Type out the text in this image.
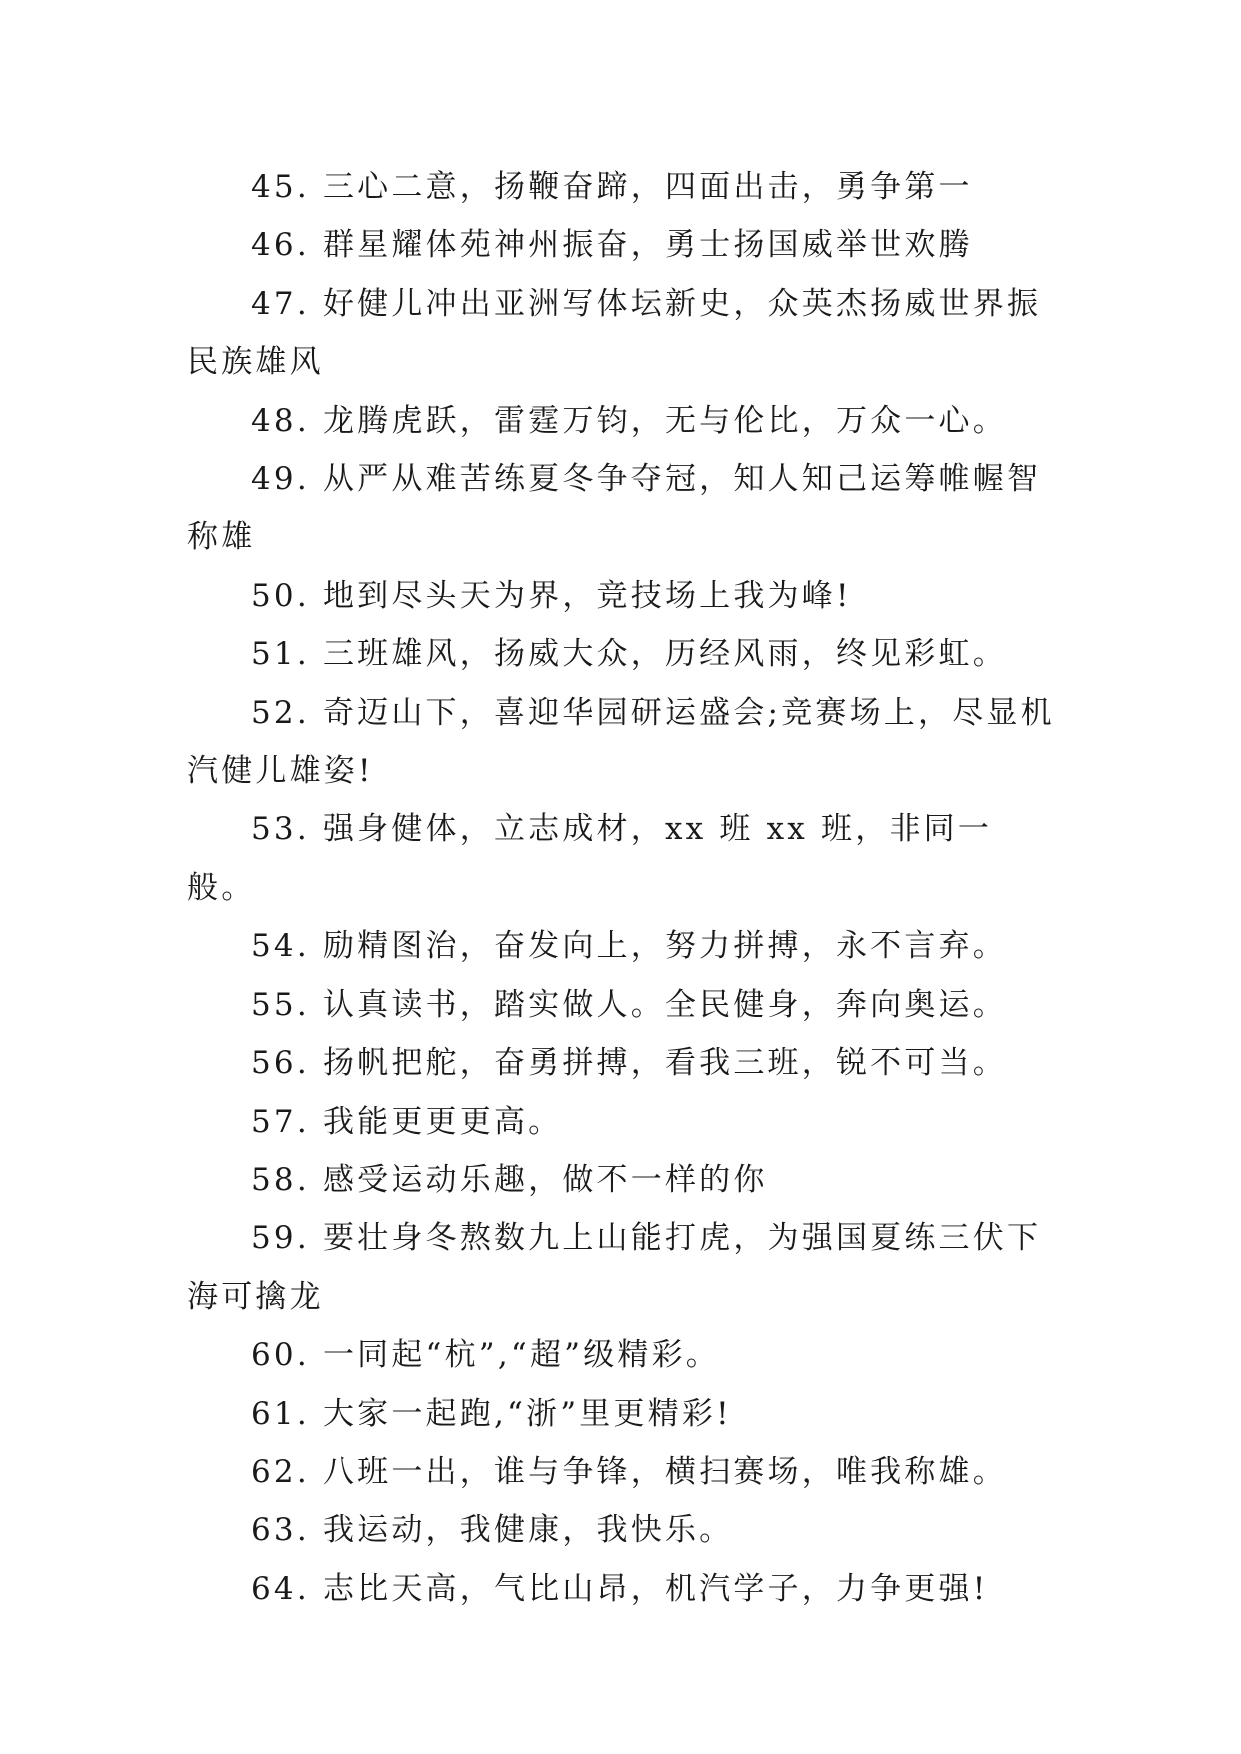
45. 三心二意，扬鞭奋蹄，四面出击，勇争第一

46. 群星耀体苑神州振奋，勇士扬国威举世欢腾

47. 好健儿冲出亚洲写体坛新史，众英杰扬威世界振民族雄风

48. 龙腾虎跃，雷霆万钧，无与伦比，万众一心。

49. 从严从难苦练夏冬争夺冠，知人知己运筹帷幄智称雄

50. 地到尽头天为界，竞技场上我为峰!

51. 三班雄风，扬威大众，历经风雨，终见彩虹。

52. 奇迈山下，喜迎华园研运盛会;竞赛场上，尽显机汽健儿雄姿!

53. 强身健体，立志成材，xx 班 xx 班，非同一般。

54. 励精图治，奋发向上，努力拼搏，永不言弃。

55. 认真读书，踏实做人。全民健身，奔向奥运。

56. 扬帆把舵，奋勇拼搏，看我三班，锐不可当。

57. 我能更更更高。

58. 感受运动乐趣，做不一样的你

59. 要壮身冬熬数九上山能打虎，为强国夏练三伏下海可擒龙

60. 一同起“杭”,“超”级精彩。

61. 大家一起跑,“浙”里更精彩!

62. 八班一出，谁与争锋，横扫赛场，唯我称雄。

63. 我运动，我健康，我快乐。

64. 志比天高，气比山昂，机汽学子，力争更强!
